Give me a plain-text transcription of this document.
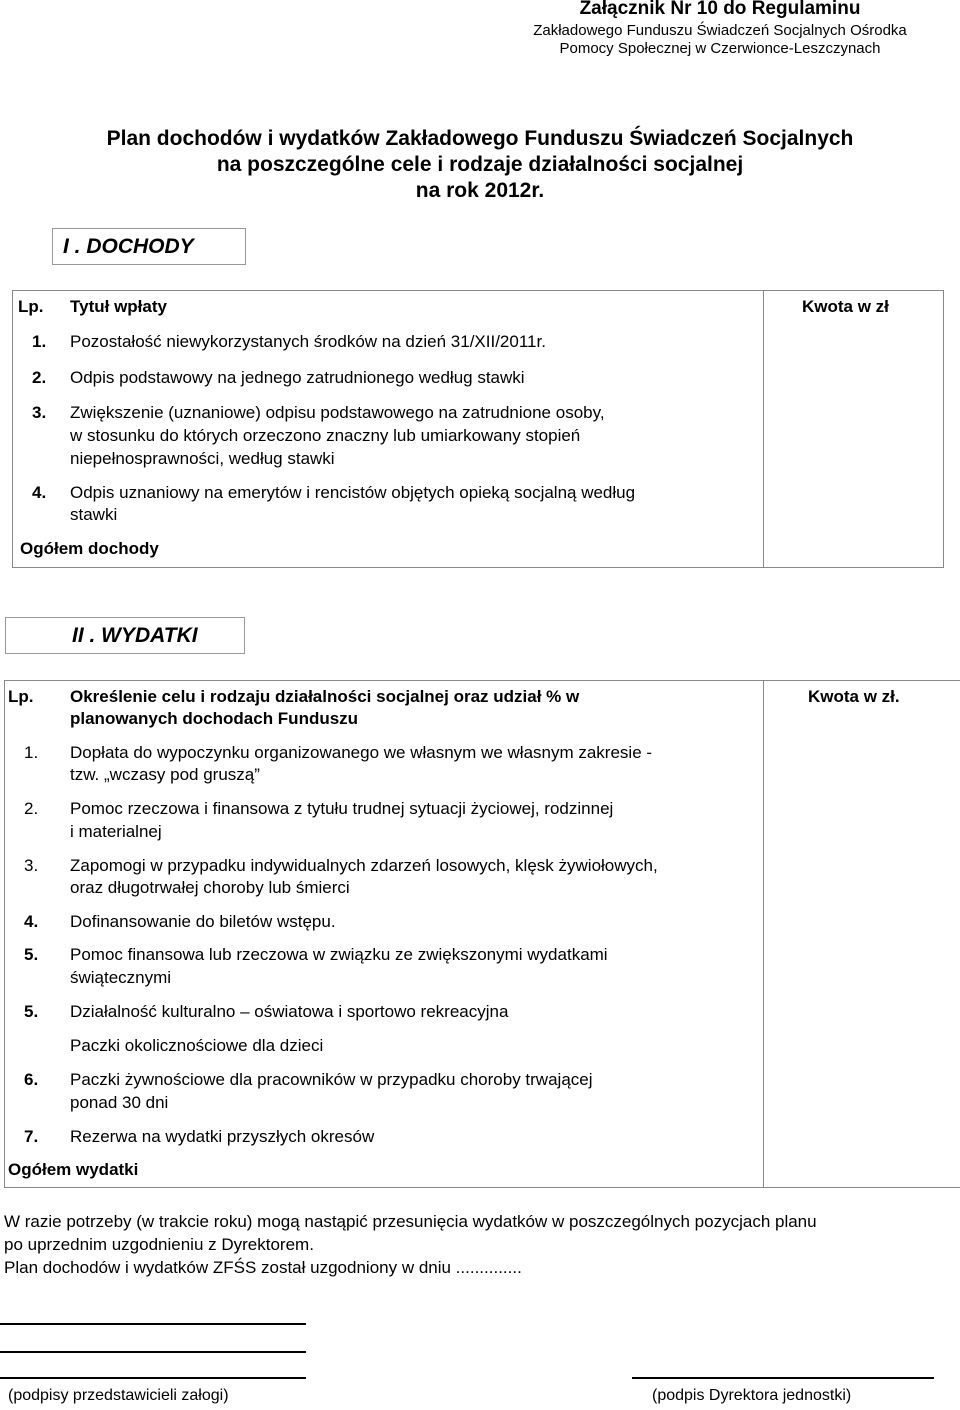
Załącznik Nr 10 do Regulaminu
Zakładowego Funduszu Świadczeń Socjalnych Ośrodka
Pomocy Społecznej w Czerwionce-Leszczynach
Plan dochodów i wydatków Zakładowego Funduszu Świadczeń Socjalnych
na poszczególne cele i rodzaje działalności socjalnej
na rok 2012r.
I . DOCHODY
Lp. Tytuł wpłaty	Kwota w zł
1. Pozostałość niewykorzystanych środków na dzień 31/XII/2011r.
2. Odpis podstawowy na jednego zatrudnionego według stawki
3. Zwiększenie (uznaniowe) odpisu podstawowego na zatrudnione osoby,
w stosunku do których orzeczono znaczny lub umiarkowany stopień
niepełnosprawności, według stawki
4. Odpis uznaniowy na emerytów i rencistów objętych opieką socjalną według
stawki
Ogółem dochody
II . WYDATKI
Lp. Określenie celu i rodzaju działalności socjalnej oraz udział % w
planowanych dochodach Funduszu
Kwota w zł.
1. Dopłata do wypoczynku organizowanego we własnym we własnym zakresie -
tzw. „wczasy pod gruszą”
2. Pomoc rzeczowa i finansowa z tytułu trudnej sytuacji życiowej, rodzinnej
i materialnej
3. Zapomogi w przypadku indywidualnych zdarzeń losowych, klęsk żywiołowych,
oraz długotrwałej choroby lub śmierci
4. Dofinansowanie do biletów wstępu.
5. Pomoc finansowa lub rzeczowa w związku ze zwiększonymi wydatkami
świątecznymi
5. Działalność kulturalno – oświatowa i sportowo rekreacyjna
Paczki okolicznościowe dla dzieci
6. Paczki żywnościowe dla pracowników w przypadku choroby trwającej
ponad 30 dni
7. Rezerwa na wydatki przyszłych okresów
Ogółem wydatki
W razie potrzeby (w trakcie roku) mogą nastąpić przesunięcia wydatków w poszczególnych pozycjach planu
po uprzednim uzgodnieniu z Dyrektorem.
Plan dochodów i wydatków ZFŚS został uzgodniony w dniu ..............
(podpisy przedstawicieli załogi)	(podpis Dyrektora jednostki)
